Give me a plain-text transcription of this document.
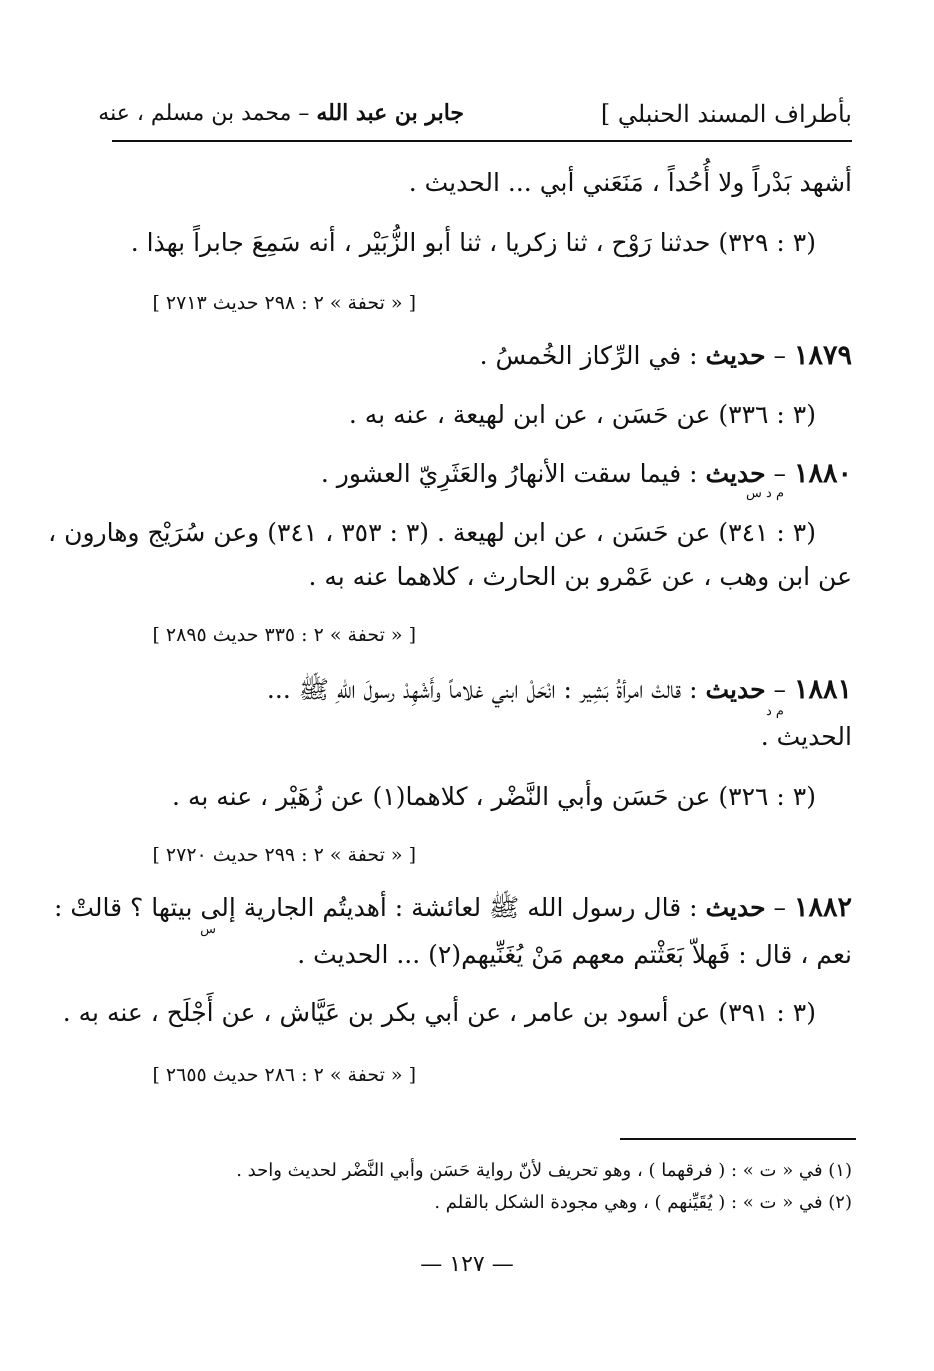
بأطراف المسند الحنبلي ]
جابر بن عبد الله – محمد بن مسلم ، عنه
أشهد بَدْراً ولا أُحُداً ، مَنَعَني أبي ... الحديث .
(٣ : ٣٢٩) حدثنا رَوْح ، ثنا زكريا ، ثنا أبو الزُّبَيْر ، أنه سَمِعَ جابراً بهذا .
[ « تحفة » ٢ : ٢٩٨ حديث ٢٧١٣ ]
١٨٧٩ – حديث : في الرِّكاز الخُمسُ .
(٣ : ٣٣٦) عن حَسَن ، عن ابن لهيعة ، عنه به .
١٨٨٠ – حديث : فيما سقت الأنهارُ والعَثَرِيّ العشور .
م د س
(٣ : ٣٤١) عن حَسَن ، عن ابن لهيعة . (٣ : ٣٥٣ ، ٣٤١) وعن سُرَيْج وهارون ،
عن ابن وهب ، عن عَمْرو بن الحارث ، كلاهما عنه به .
[ « تحفة » ٢ : ٣٣٥ حديث ٢٨٩٥ ]
١٨٨١ – حديث : قالتْ امرأةُ بَشِير : انْحَلْ ابني غلاماً وأَشْهِدْ رسولَ اللهِ ﷺ ...
م د
الحديث .
(٣ : ٣٢٦) عن حَسَن وأبي النَّضْر ، كلاهما(١) عن زُهَيْر ، عنه به .
[ « تحفة » ٢ : ٢٩٩ حديث ٢٧٢٠ ]
١٨٨٢ – حديث : قال رسول الله ﷺ لعائشة : أهديتُم الجارية إلى بيتها ؟ قالتْ :
س
نعم ، قال : فَهلاّ بَعَثْتم معهم مَنْ يُغَنِّيهم(٢) ... الحديث .
(٣ : ٣٩١) عن أسود بن عامر ، عن أبي بكر بن عَيَّاش ، عن أَجْلَح ، عنه به .
[ « تحفة » ٢ : ٢٨٦ حديث ٢٦٥٥ ]
(١) في « ت » : ( فرقهما ) ، وهو تحريف لأنّ رواية حَسَن وأبي النَّضْر لحديث واحد .
(٢) في « ت » : ( يُقَيِّنهم ) ، وهي مجودة الشكل بالقلم .
— ١٢٧ —
